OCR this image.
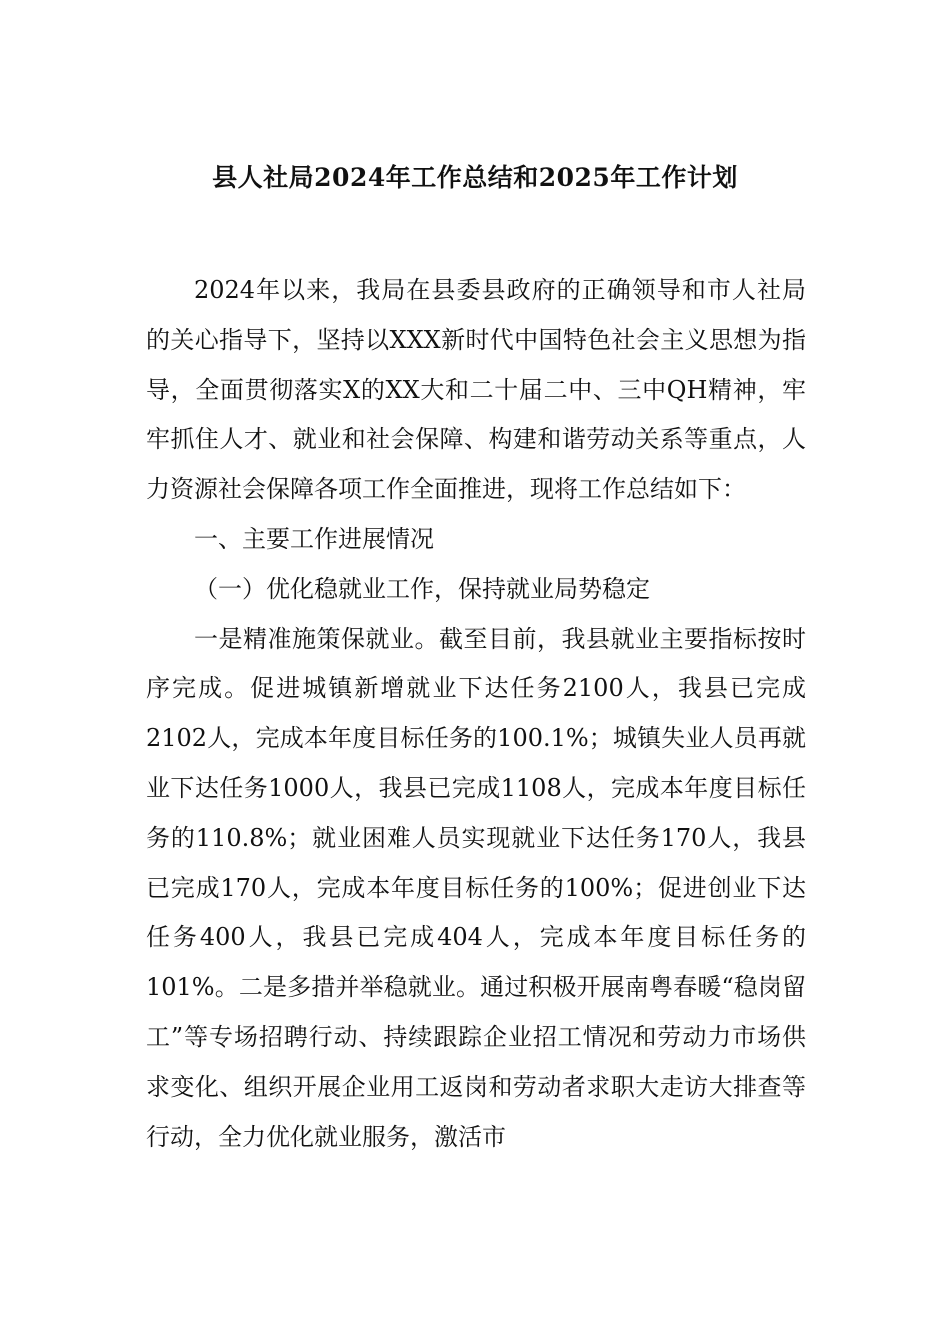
县人社局2024年工作总结和2025年工作计划

2024年以来，我局在县委县政府的正确领导和市人社局的关心指导下，坚持以XXX新时代中国特色社会主义思想为指导，全面贯彻落实X的XX大和二十届二中、三中QH精神，牢牢抓住人才、就业和社会保障、构建和谐劳动关系等重点，人力资源社会保障各项工作全面推进，现将工作总结如下：

一、主要工作进展情况

（一）优化稳就业工作，保持就业局势稳定

一是精准施策保就业。截至目前，我县就业主要指标按时序完成。促进城镇新增就业下达任务2100人，我县已完成2102人，完成本年度目标任务的100.1%；城镇失业人员再就业下达任务1000人，我县已完成1108人，完成本年度目标任务的110.8%；就业困难人员实现就业下达任务170人，我县已完成170人，完成本年度目标任务的100%；促进创业下达任务400人，我县已完成404人，完成本年度目标任务的101%。二是多措并举稳就业。通过积极开展南粤春暖“稳岗留工”等专场招聘行动、持续跟踪企业招工情况和劳动力市场供求变化、组织开展企业用工返岗和劳动者求职大走访大排查等行动，全力优化就业服务，激活市
